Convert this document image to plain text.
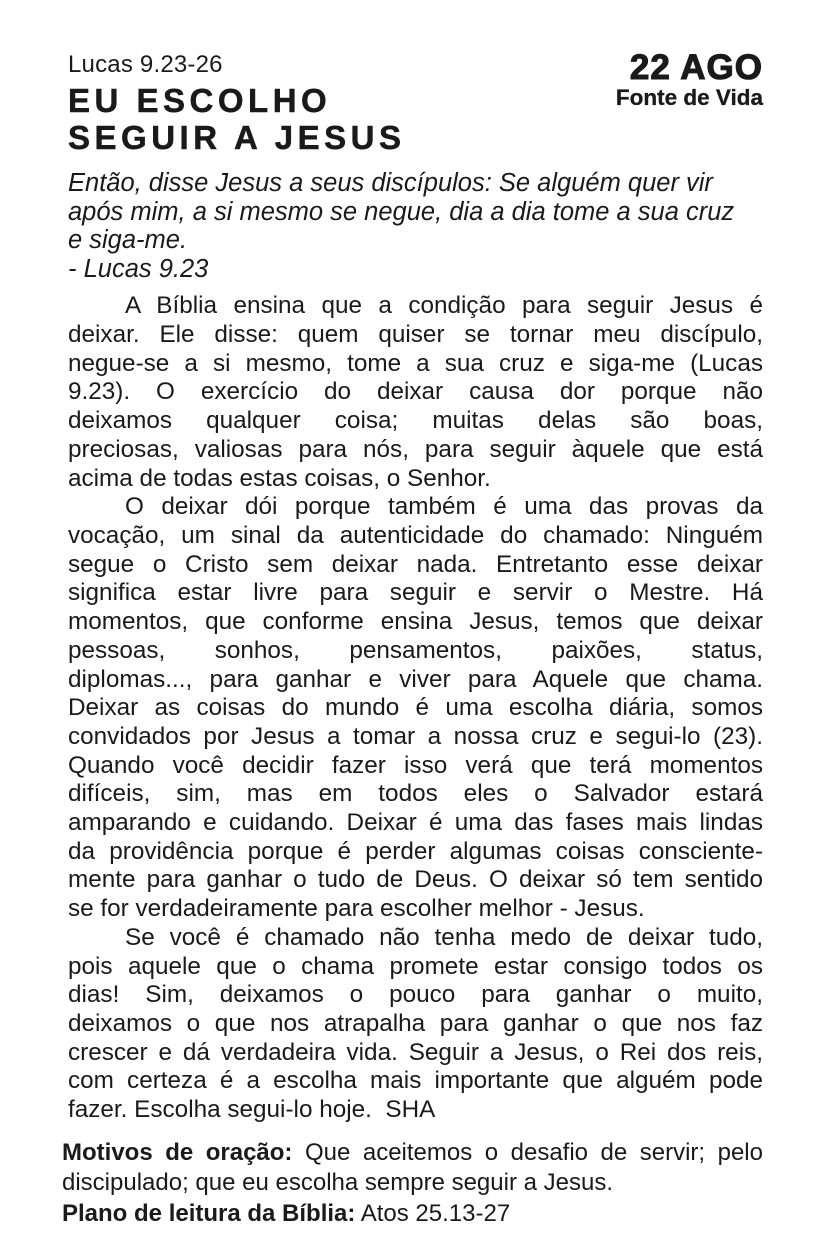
Lucas 9.23-26
EU ESCOLHO
SEGUIR A JESUS
22 AGO
Fonte de Vida
Então, disse Jesus a seus discípulos: Se alguém quer vir
após mim, a si mesmo se negue, dia a dia tome a sua cruz
e siga-me.
- Lucas 9.23
A Bíblia ensina que a condição para seguir Jesus é
deixar. Ele disse: quem quiser se tornar meu discípulo,
negue-se a si mesmo, tome a sua cruz e siga-me (Lucas
9.23). O exercício do deixar causa dor porque não
deixamos qualquer coisa; muitas delas são boas,
preciosas, valiosas para nós, para seguir àquele que está
acima de todas estas coisas, o Senhor.
O deixar dói porque também é uma das provas da
vocação, um sinal da autenticidade do chamado: Ninguém
segue o Cristo sem deixar nada. Entretanto esse deixar
significa estar livre para seguir e servir o Mestre. Há
momentos, que conforme ensina Jesus, temos que deixar
pessoas, sonhos, pensamentos, paixões, status,
diplomas..., para ganhar e viver para Aquele que chama.
Deixar as coisas do mundo é uma escolha diária, somos
convidados por Jesus a tomar a nossa cruz e segui-lo (23).
Quando você decidir fazer isso verá que terá momentos
difíceis, sim, mas em todos eles o Salvador estará
amparando e cuidando. Deixar é uma das fases mais lindas
da providência porque é perder algumas coisas consciente-
mente para ganhar o tudo de Deus. O deixar só tem sentido
se for verdadeiramente para escolher melhor - Jesus.
Se você é chamado não tenha medo de deixar tudo,
pois aquele que o chama promete estar consigo todos os
dias! Sim, deixamos o pouco para ganhar o muito,
deixamos o que nos atrapalha para ganhar o que nos faz
crescer e dá verdadeira vida. Seguir a Jesus, o Rei dos reis,
com certeza é a escolha mais importante que alguém pode
fazer. Escolha segui-lo hoje.  SHA
Motivos de oração: Que aceitemos o desafio de servir; pelo
discipulado; que eu escolha sempre seguir a Jesus.
Plano de leitura da Bíblia: Atos 25.13-27
